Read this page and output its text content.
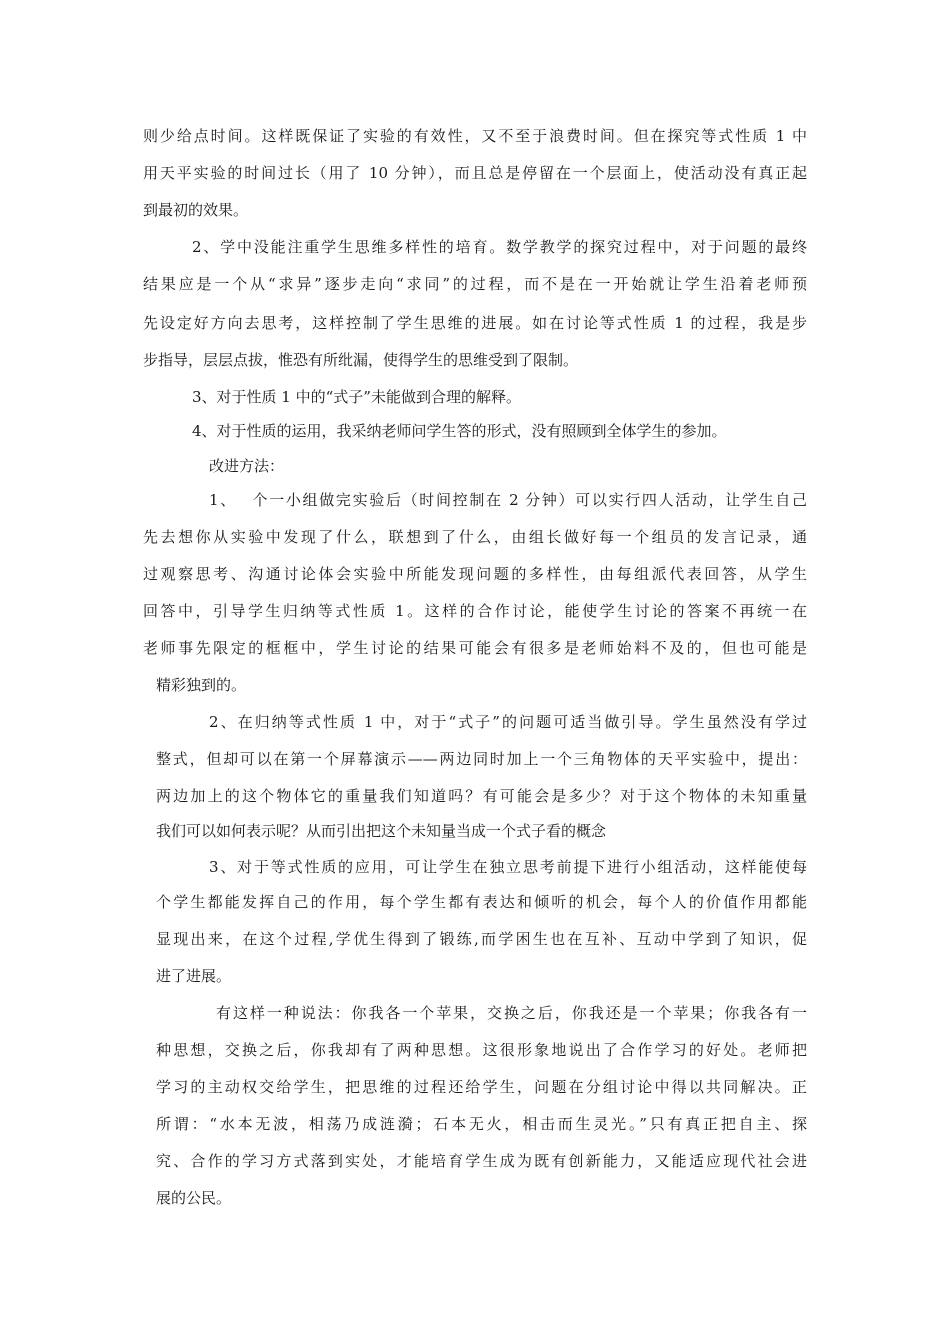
则少给点时间。这样既保证了实验的有效性，又不至于浪费时间。但在探究等式性质 1 中
用天平实验的时间过长（用了 10 分钟），而且总是停留在一个层面上，使活动没有真正起
到最初的效果。
2、学中没能注重学生思维多样性的培育。数学教学的探究过程中，对于问题的最终
结果应是一个从“求异”逐步走向“求同”的过程，而不是在一开始就让学生沿着老师预
先设定好方向去思考，这样控制了学生思维的进展。如在讨论等式性质 1 的过程，我是步
步指导，层层点拔，惟恐有所纰漏，使得学生的思维受到了限制。
3、对于性质 1 中的“式子”未能做到合理的解释。
4、对于性质的运用，我采纳老师问学生答的形式，没有照顾到全体学生的参加。
改进方法：
1、　 个一小组做完实验后（时间控制在 2 分钟）可以实行四人活动，让学生自己
先去想你从实验中发现了什么，联想到了什么，由组长做好每一个组员的发言记录，通
过观察思考、沟通讨论体会实验中所能发现问题的多样性，由每组派代表回答，从学生
回答中，引导学生归纳等式性质 1。这样的合作讨论，能使学生讨论的答案不再统一在
老师事先限定的框框中，学生讨论的结果可能会有很多是老师始料不及的，但也可能是
精彩独到的。
2、在归纳等式性质 1 中，对于“式子”的问题可适当做引导。学生虽然没有学过
整式，但却可以在第一个屏幕演示——两边同时加上一个三角物体的天平实验中，提出：
两边加上的这个物体它的重量我们知道吗？有可能会是多少？对于这个物体的未知重量
我们可以如何表示呢？从而引出把这个未知量当成一个式子看的概念
3、对于等式性质的应用，可让学生在独立思考前提下进行小组活动，这样能使每
个学生都能发挥自己的作用，每个学生都有表达和倾听的机会，每个人的价值作用都能
显现出来，在这个过程,学优生得到了锻练,而学困生也在互补、互动中学到了知识，促
进了进展。
有这样一种说法：你我各一个苹果，交换之后，你我还是一个苹果；你我各有一
种思想，交换之后，你我却有了两种思想。这很形象地说出了合作学习的好处。老师把
学习的主动权交给学生，把思维的过程还给学生，问题在分组讨论中得以共同解决。正
所谓：“水本无波，相荡乃成涟漪；石本无火，相击而生灵光。”只有真正把自主、探
究、合作的学习方式落到实处，才能培育学生成为既有创新能力，又能适应现代社会进
展的公民。
